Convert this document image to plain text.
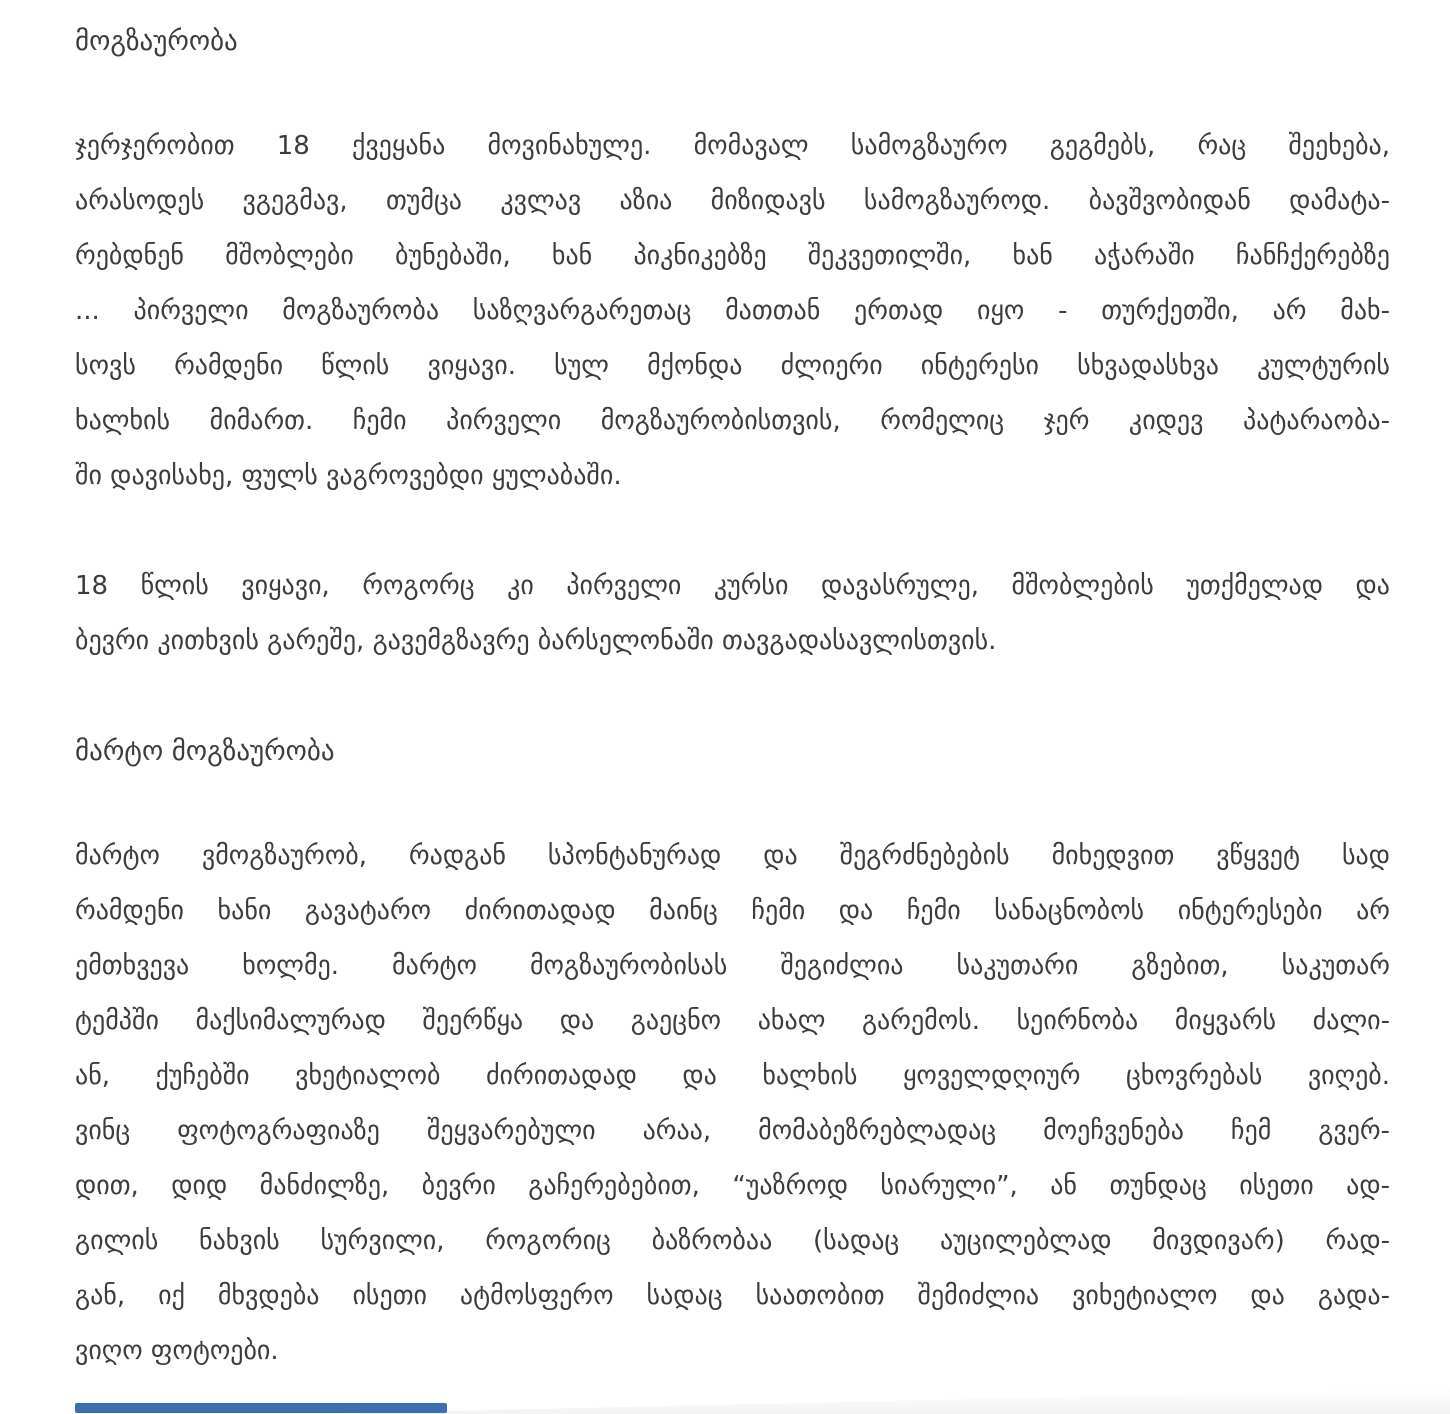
მოგზაურობა
ჯერჯერობით 18 ქვეყანა მოვინახულე. მომავალ სამოგზაურო გეგმებს, რაც შეეხება,
არასოდეს ვგეგმავ, თუმცა კვლავ აზია მიზიდავს სამოგზაუროდ. ბავშვობიდან დამატა-
რებდნენ მშობლები ბუნებაში, ხან პიკნიკებზე შეკვეთილში, ხან აჭარაში ჩანჩქერებზე
... პირველი მოგზაურობა საზღვარგარეთაც მათთან ერთად იყო - თურქეთში, არ მახ-
სოვს რამდენი წლის ვიყავი. სულ მქონდა ძლიერი ინტერესი სხვადასხვა კულტურის
ხალხის მიმართ. ჩემი პირველი მოგზაურობისთვის, რომელიც ჯერ კიდევ პატარაობა-
ში დავისახე, ფულს ვაგროვებდი ყულაბაში.
18 წლის ვიყავი, როგორც კი პირველი კურსი დავასრულე, მშობლების უთქმელად და
ბევრი კითხვის გარეშე, გავემგზავრე ბარსელონაში თავგადასავლისთვის.
მარტო მოგზაურობა
მარტო ვმოგზაურობ, რადგან სპონტანურად და შეგრძნებების მიხედვით ვწყვეტ სად
რამდენი ხანი გავატარო ძირითადად მაინც ჩემი და ჩემი სანაცნობოს ინტერესები არ
ემთხვევა ხოლმე. მარტო მოგზაურობისას შეგიძლია საკუთარი გზებით, საკუთარ
ტემპში მაქსიმალურად შეერწყა და გაეცნო ახალ გარემოს. სეირნობა მიყვარს ძალი-
ან, ქუჩებში ვხეტიალობ ძირითადად და ხალხის ყოველდღიურ ცხოვრებას ვიღებ.
ვინც ფოტოგრაფიაზე შეყვარებული არაა, მომაბეზრებლადაც მოეჩვენება ჩემ გვერ-
დით, დიდ მანძილზე, ბევრი გაჩერებებით, “უაზროდ სიარული”, ან თუნდაც ისეთი ად-
გილის ნახვის სურვილი, როგორიც ბაზრობაა (სადაც აუცილებლად მივდივარ) რად-
გან, იქ მხვდება ისეთი ატმოსფერო სადაც საათობით შემიძლია ვიხეტიალო და გადა-
ვიღო ფოტოები.
